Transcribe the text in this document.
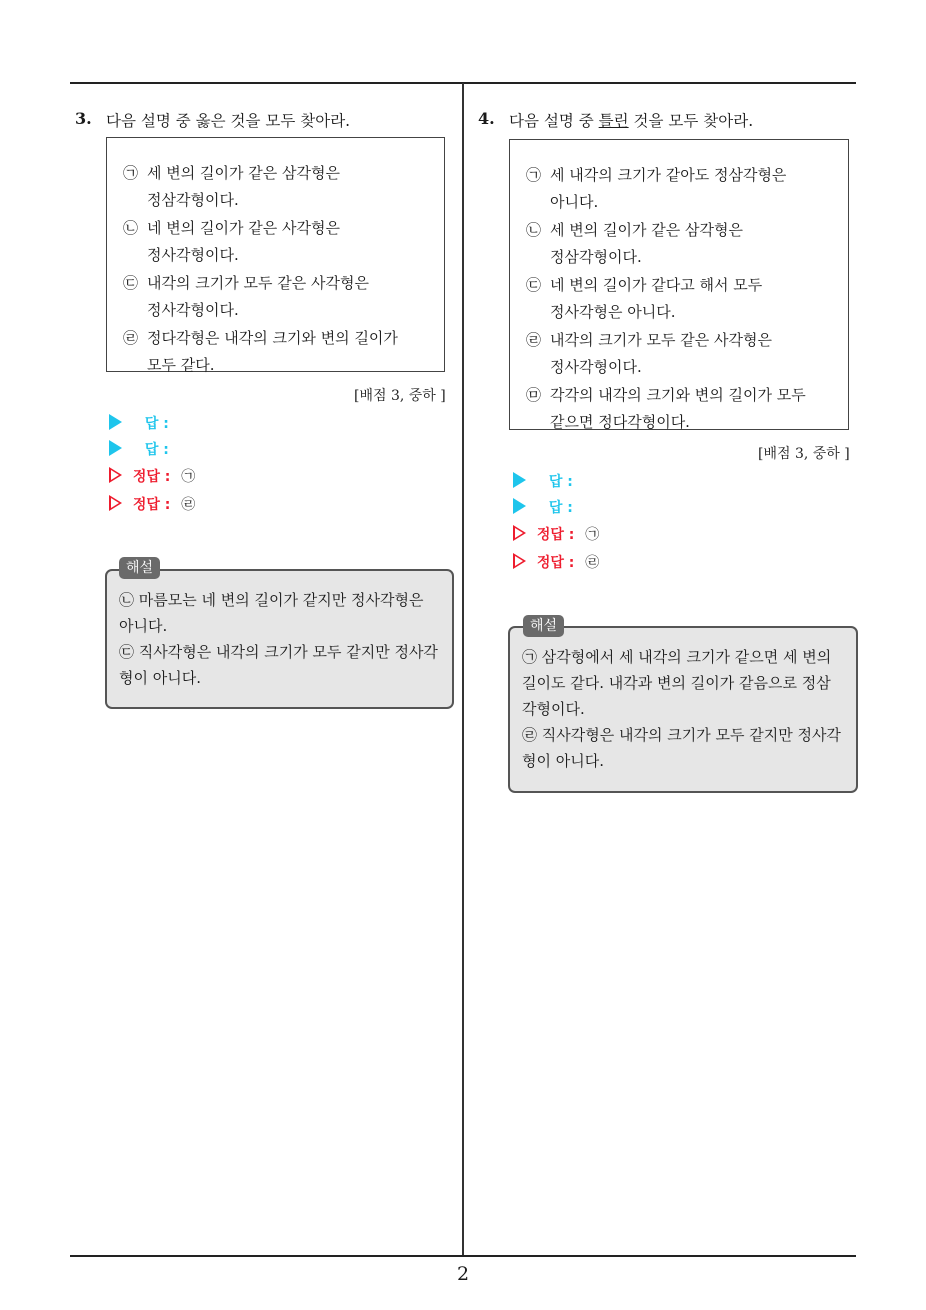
3. 다음 설명 중 옳은 것을 모두 찾아라.
㉠ 세 변의 길이가 같은 삼각형은
정삼각형이다.
㉡ 네 변의 길이가 같은 사각형은
정사각형이다.
㉢ 내각의 크기가 모두 같은 사각형은
정사각형이다.
㉣ 정다각형은 내각의 크기와 변의 길이가
모두 같다.
[배점 3, 중하 ]
답 :
답 :
정답 : ㉠
정답 : ㉣
㉡ 마름모는 네 변의 길이가 같지만 정사각형은
아니다.
㉢ 직사각형은 내각의 크기가 모두 같지만 정사각
형이 아니다.
해설
4. 다음 설명 중 틀린 것을 모두 찾아라.
㉠ 세 내각의 크기가 같아도 정삼각형은
아니다.
㉡ 세 변의 길이가 같은 삼각형은
정삼각형이다.
㉢ 네 변의 길이가 같다고 해서 모두
정사각형은 아니다.
㉣ 내각의 크기가 모두 같은 사각형은
정사각형이다.
㉤ 각각의 내각의 크기와 변의 길이가 모두
같으면 정다각형이다.
[배점 3, 중하 ]
답 :
답 :
정답 : ㉠
정답 : ㉣
㉠ 삼각형에서 세 내각의 크기가 같으면 세 변의
길이도 같다. 내각과 변의 길이가 같음으로 정삼
각형이다.
㉣ 직사각형은 내각의 크기가 모두 같지만 정사각
형이 아니다.
해설
2
